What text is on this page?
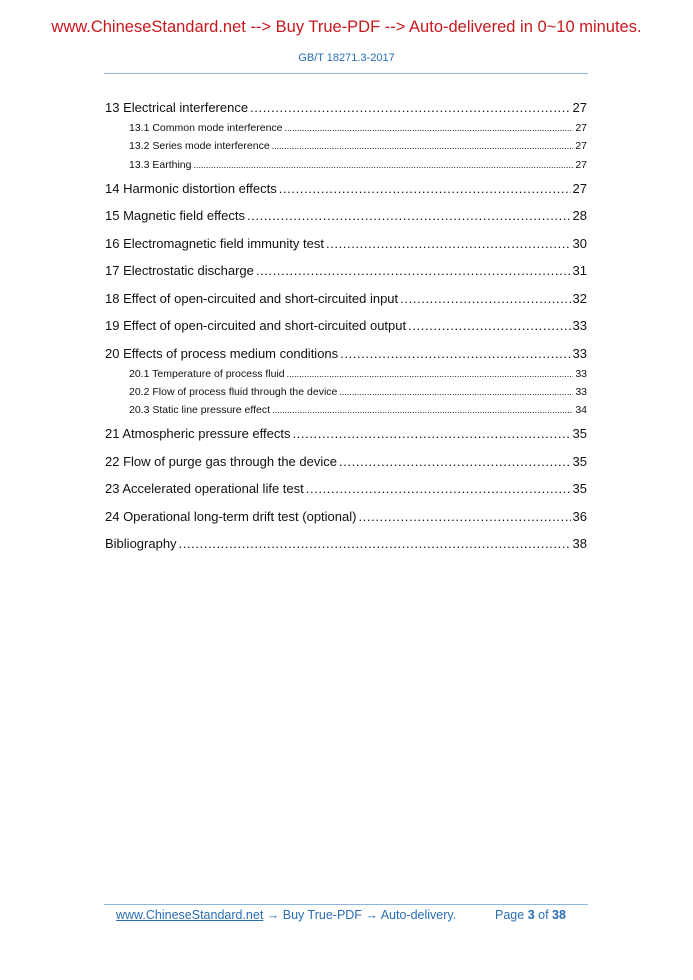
www.ChineseStandard.net --> Buy True-PDF --> Auto-delivered in 0~10 minutes.
GB/T 18271.3-2017
13 Electrical interference .....	27
13.1 Common mode interference .....	27
13.2 Series mode interference .....	27
13.3 Earthing .....	27
14 Harmonic distortion effects .....	27
15 Magnetic field effects .....	28
16 Electromagnetic field immunity test .....	30
17 Electrostatic discharge .....	31
18 Effect of open-circuited and short-circuited input .....	32
19 Effect of open-circuited and short-circuited output .....	33
20 Effects of process medium conditions .....	33
20.1 Temperature of process fluid .....	33
20.2 Flow of process fluid through the device .....	33
20.3 Static line pressure effect .....	34
21 Atmospheric pressure effects .....	35
22 Flow of purge gas through the device .....	35
23 Accelerated operational life test .....	35
24 Operational long-term drift test (optional) .....	36
Bibliography .....	38
www.ChineseStandard.net → Buy True-PDF → Auto-delivery.	Page 3 of 38
